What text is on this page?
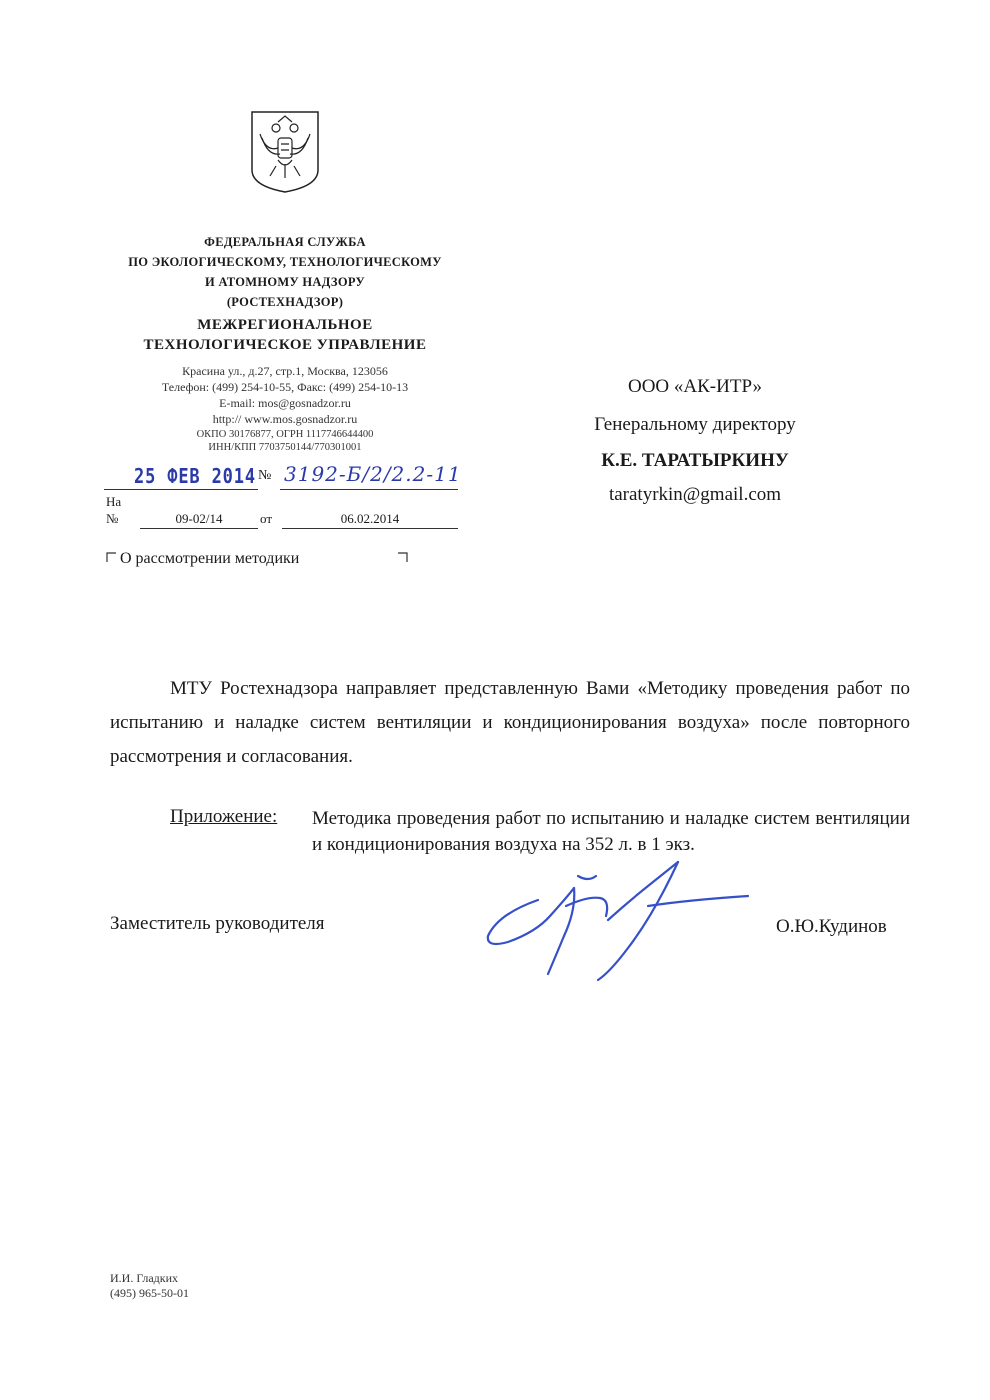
ФЕДЕРАЛЬНАЯ СЛУЖБА
ПО ЭКОЛОГИЧЕСКОМУ, ТЕХНОЛОГИЧЕСКОМУ
И АТОМНОМУ НАДЗОРУ
(РОСТЕХНАДЗОР)
МЕЖРЕГИОНАЛЬНОЕ
ТЕХНОЛОГИЧЕСКОЕ УПРАВЛЕНИЕ
Красина ул., д.27, стр.1, Москва, 123056
Телефон: (499) 254-10-55, Факс: (499) 254-10-13
E-mail: mos@gosnadzor.ru
http:// www.mos.gosnadzor.ru
ОКПО 30176877, ОГРН 1117746644400
ИНН/КПП 7703750144/770301001
25 ФЕВ 2014 № 3192-Б/2/2.2-11
На
№	09-02/14	от	06.02.2014
О рассмотрении методики
ООО «АК-ИТР»
Генеральному директору
К.Е. ТАРАТЫРКИНУ
taratyrkin@gmail.com
МТУ Ростехнадзора направляет представленную Вами «Методику проведения работ по испытанию и наладке систем вентиляции и кондиционирования воздуха» после повторного рассмотрения и согласования.
Приложение: Методика проведения работ по испытанию и наладке систем вентиляции и кондиционирования воздуха на 352 л. в 1 экз.
Заместитель руководителя	О.Ю.Кудинов
И.И. Гладких
(495) 965-50-01
